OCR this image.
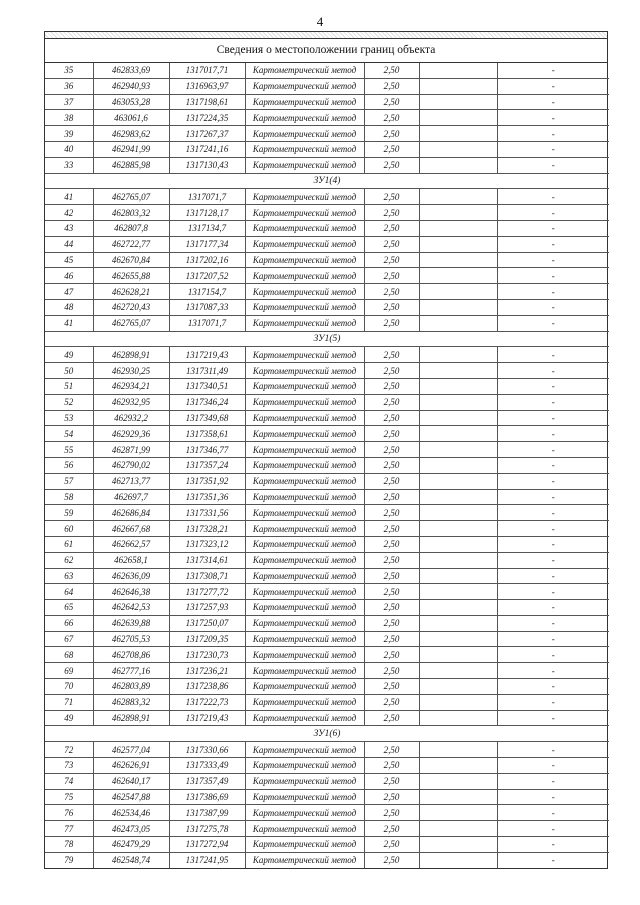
4
Сведения о местоположении границ объекта
35	462833,69	1317017,71	Картометрический метод	2,50		-
36	462940,93	1316963,97	Картометрический метод	2,50		-
37	463053,28	1317198,61	Картометрический метод	2,50		-
38	463061,6	1317224,35	Картометрический метод	2,50		-
39	462983,62	1317267,37	Картометрический метод	2,50		-
40	462941,99	1317241,16	Картометрический метод	2,50		-
33	462885,98	1317130,43	Картометрический метод	2,50		-
ЗУ1(4)						
41	462765,07	1317071,7	Картометрический метод	2,50		-
42	462803,32	1317128,17	Картометрический метод	2,50		-
43	462807,8	1317134,7	Картометрический метод	2,50		-
44	462722,77	1317177,34	Картометрический метод	2,50		-
45	462670,84	1317202,16	Картометрический метод	2,50		-
46	462655,88	1317207,52	Картометрический метод	2,50		-
47	462628,21	1317154,7	Картометрический метод	2,50		-
48	462720,43	1317087,33	Картометрический метод	2,50		-
41	462765,07	1317071,7	Картометрический метод	2,50		-
ЗУ1(5)						
49	462898,91	1317219,43	Картометрический метод	2,50		-
50	462930,25	1317311,49	Картометрический метод	2,50		-
51	462934,21	1317340,51	Картометрический метод	2,50		-
52	462932,95	1317346,24	Картометрический метод	2,50		-
53	462932,2	1317349,68	Картометрический метод	2,50		-
54	462929,36	1317358,61	Картометрический метод	2,50		-
55	462871,99	1317346,77	Картометрический метод	2,50		-
56	462790,02	1317357,24	Картометрический метод	2,50		-
57	462713,77	1317351,92	Картометрический метод	2,50		-
58	462697,7	1317351,36	Картометрический метод	2,50		-
59	462686,84	1317331,56	Картометрический метод	2,50		-
60	462667,68	1317328,21	Картометрический метод	2,50		-
61	462662,57	1317323,12	Картометрический метод	2,50		-
62	462658,1	1317314,61	Картометрический метод	2,50		-
63	462636,09	1317308,71	Картометрический метод	2,50		-
64	462646,38	1317277,72	Картометрический метод	2,50		-
65	462642,53	1317257,93	Картометрический метод	2,50		-
66	462639,88	1317250,07	Картометрический метод	2,50		-
67	462705,53	1317209,35	Картометрический метод	2,50		-
68	462708,86	1317230,73	Картометрический метод	2,50		-
69	462777,16	1317236,21	Картометрический метод	2,50		-
70	462803,89	1317238,86	Картометрический метод	2,50		-
71	462883,32	1317222,73	Картометрический метод	2,50		-
49	462898,91	1317219,43	Картометрический метод	2,50		-
ЗУ1(6)						
72	462577,04	1317330,66	Картометрический метод	2,50		-
73	462626,91	1317333,49	Картометрический метод	2,50		-
74	462640,17	1317357,49	Картометрический метод	2,50		-
75	462547,88	1317386,69	Картометрический метод	2,50		-
76	462534,46	1317387,99	Картометрический метод	2,50		-
77	462473,05	1317275,78	Картометрический метод	2,50		-
78	462479,29	1317272,94	Картометрический метод	2,50		-
79	462548,74	1317241,95	Картометрический метод	2,50		-
